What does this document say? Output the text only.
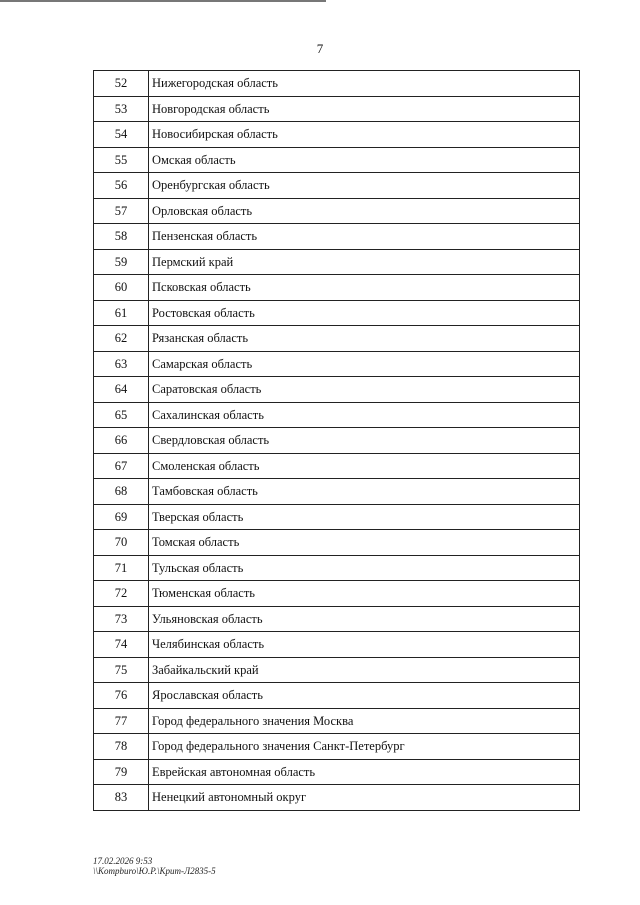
7
52	Нижегородская область
53	Новгородская область
54	Новосибирская область
55	Омская область
56	Оренбургская область
57	Орловская область
58	Пензенская область
59	Пермский край
60	Псковская область
61	Ростовская область
62	Рязанская область
63	Самарская область
64	Саратовская область
65	Сахалинская область
66	Свердловская область
67	Смоленская область
68	Тамбовская область
69	Тверская область
70	Томская область
71	Тульская область
72	Тюменская область
73	Ульяновская область
74	Челябинская область
75	Забайкальский край
76	Ярославская область
77	Город федерального значения Москва
78	Город федерального значения Санкт-Петербург
79	Еврейская автономная область
83	Ненецкий автономный округ
17.02.2026 9:53
\\Kompburo\Ю.Р.\Крит-Л2835-5
